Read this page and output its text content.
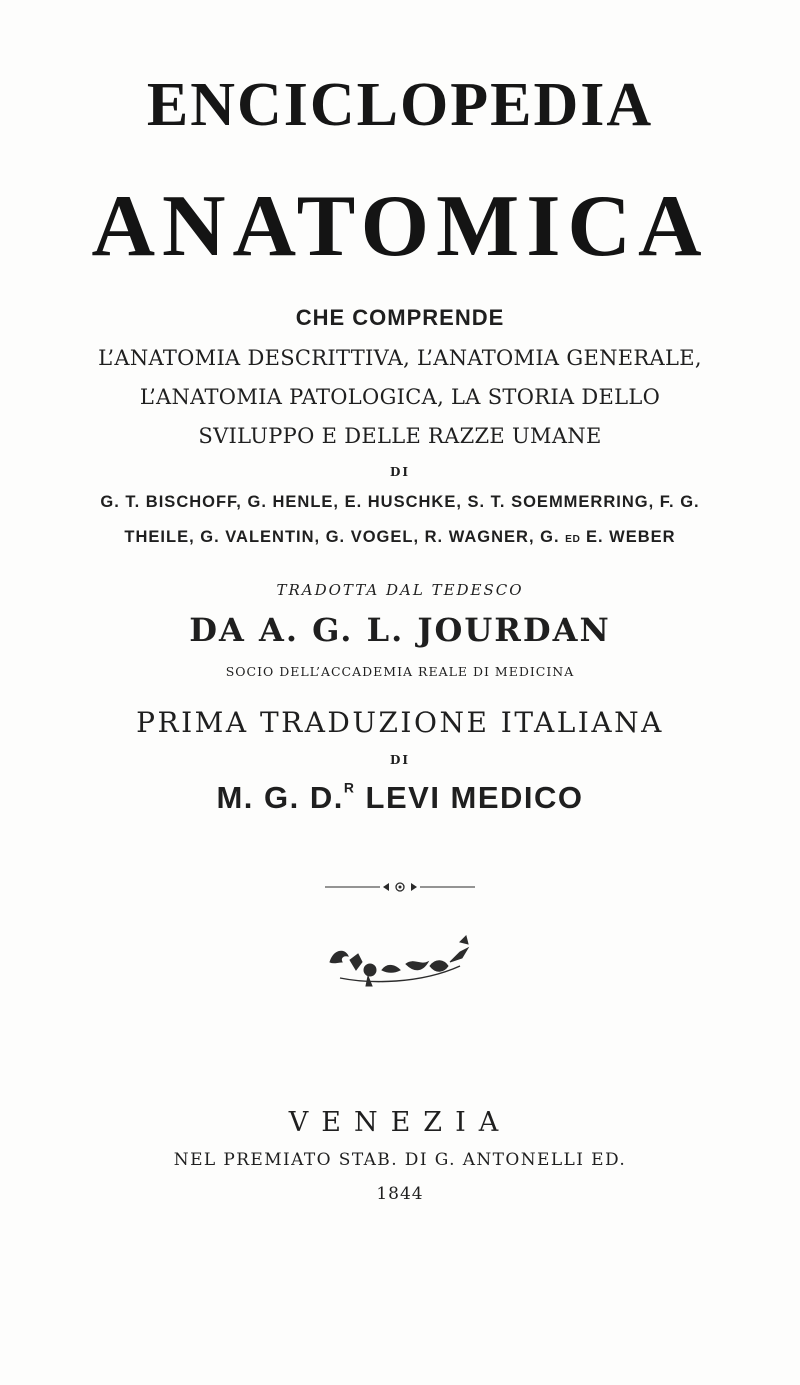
ENCICLOPEDIA
ANATOMICA
CHE COMPRENDE
L’ANATOMIA DESCRITTIVA, L’ANATOMIA GENERALE,
L’ANATOMIA PATOLOGICA, LA STORIA DELLO
SVILUPPO E DELLE RAZZE UMANE
DI
G. T. BISCHOFF, G. HENLE, E. HUSCHKE, S. T. SOEMMERRING, F. G.
THEILE, G. VALENTIN, G. VOGEL, R. WAGNER, G. ED E. WEBER
TRADOTTA DAL TEDESCO
DA A. G. L. JOURDAN
SOCIO DELL’ACCADEMIA REALE DI MEDICINA
PRIMA TRADUZIONE ITALIANA
DI
M. G. D.$^R$ LEVI MEDICO
VENEZIA
NEL PREMIATO STAB. DI G. ANTONELLI ED.
1844
